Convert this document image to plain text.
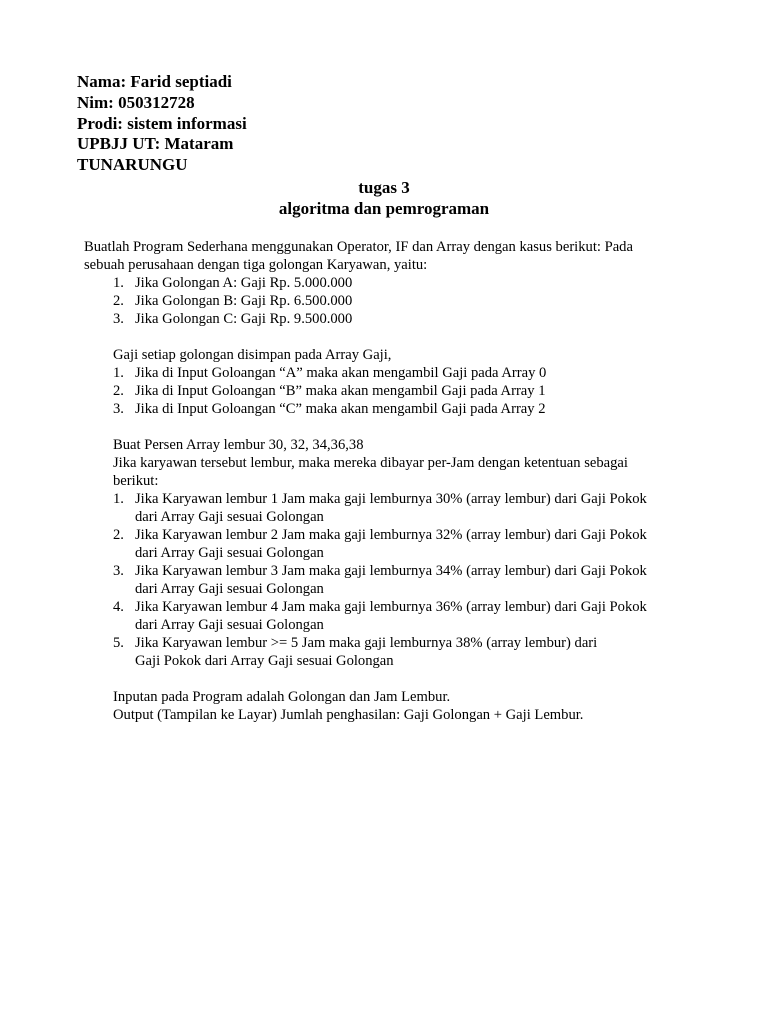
Nama: Farid septiadi
Nim: 050312728
Prodi: sistem informasi
UPBJJ UT: Mataram
TUNARUNGU
tugas 3
algoritma dan pemrograman

Buatlah Program Sederhana menggunakan Operator, IF dan Array dengan kasus berikut: Pada

sebuah perusahaan dengan tiga golongan Karyawan, yaitu:

1. Jika Golongan A: Gaji Rp. 5.000.000
2. Jika Golongan B: Gaji Rp. 6.500.000
3. Jika Golongan C: Gaji Rp. 9.500.000

Gaji setiap golongan disimpan pada Array Gaji,

1. Jika di Input Goloangan “A” maka akan mengambil Gaji pada Array 0
2. Jika di Input Goloangan “B” maka akan mengambil Gaji pada Array 1
3. Jika di Input Goloangan “C” maka akan mengambil Gaji pada Array 2

Buat Persen Array lembur 30, 32, 34,36,38

Jika karyawan tersebut lembur, maka mereka dibayar per-Jam dengan ketentuan sebagai

berikut:

1. Jika Karyawan lembur 1 Jam maka gaji lemburnya 30% (array lembur) dari Gaji Pokok
dari Array Gaji sesuai Golongan
2. Jika Karyawan lembur 2 Jam maka gaji lemburnya 32% (array lembur) dari Gaji Pokok
dari Array Gaji sesuai Golongan
3. Jika Karyawan lembur 3 Jam maka gaji lemburnya 34% (array lembur) dari Gaji Pokok
dari Array Gaji sesuai Golongan
4. Jika Karyawan lembur 4 Jam maka gaji lemburnya 36% (array lembur) dari Gaji Pokok
dari Array Gaji sesuai Golongan
5. Jika Karyawan lembur >= 5 Jam maka gaji lemburnya 38% (array lembur) dari
Gaji Pokok dari Array Gaji sesuai Golongan

Inputan pada Program adalah Golongan dan Jam Lembur.

Output (Tampilan ke Layar) Jumlah penghasilan: Gaji Golongan + Gaji Lembur.
